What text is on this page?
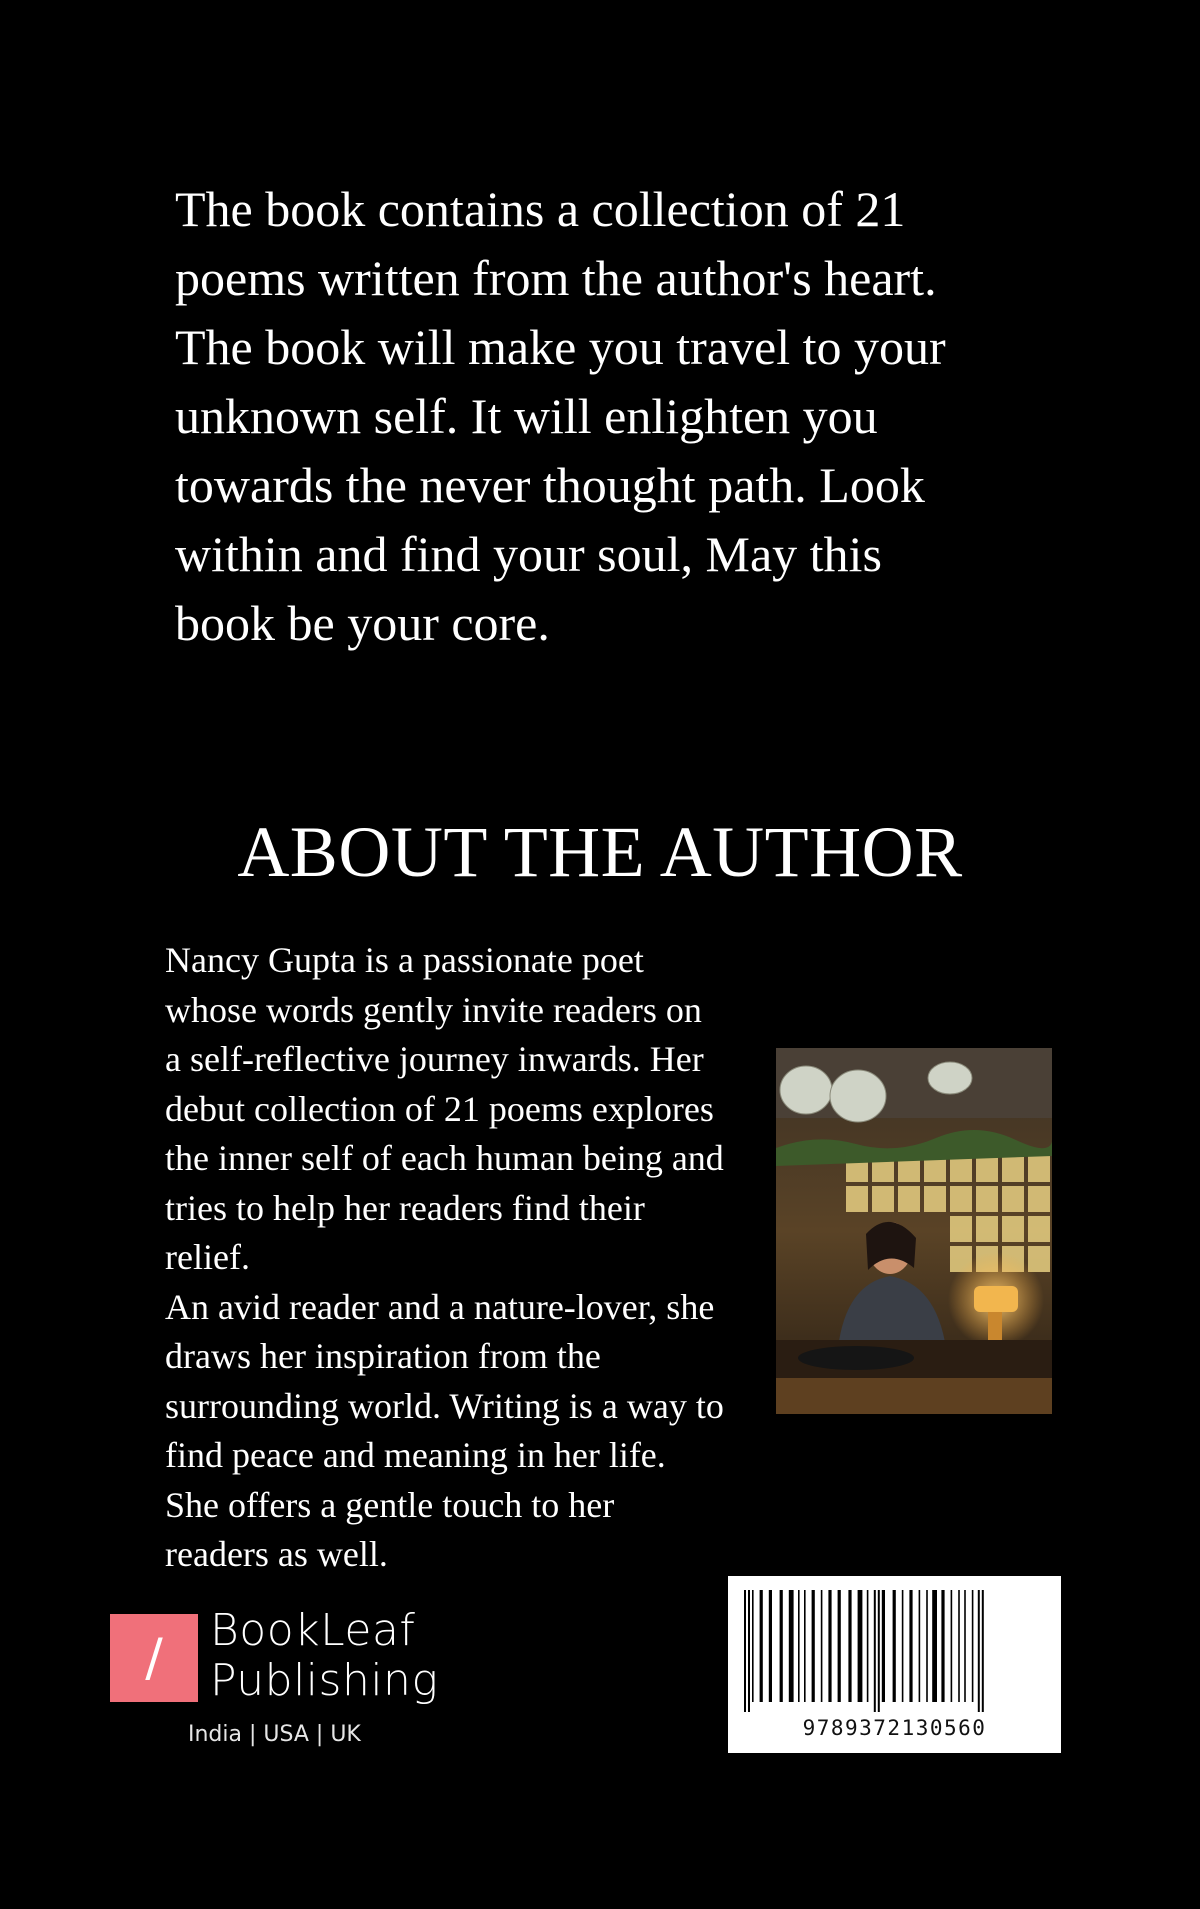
The book contains a collection of 21
poems written from the author's heart.
The book will make you travel to your
unknown self. It will enlighten you
towards the never thought path. Look
within and find your soul, May this
book be your core.
ABOUT THE AUTHOR

Nancy Gupta is a passionate poet

whose words gently invite readers on

a self-reflective journey inwards. Her

debut collection of 21 poems explores

the inner self of each human being and

tries to help her readers find their

relief.

An avid reader and a nature-lover, she

draws her inspiration from the

surrounding world. Writing is a way to

find peace and meaning in her life.

She offers a gentle touch to her

readers as well.

/	BookLeaf
Publishing
India | USA | UK	9789372130560
